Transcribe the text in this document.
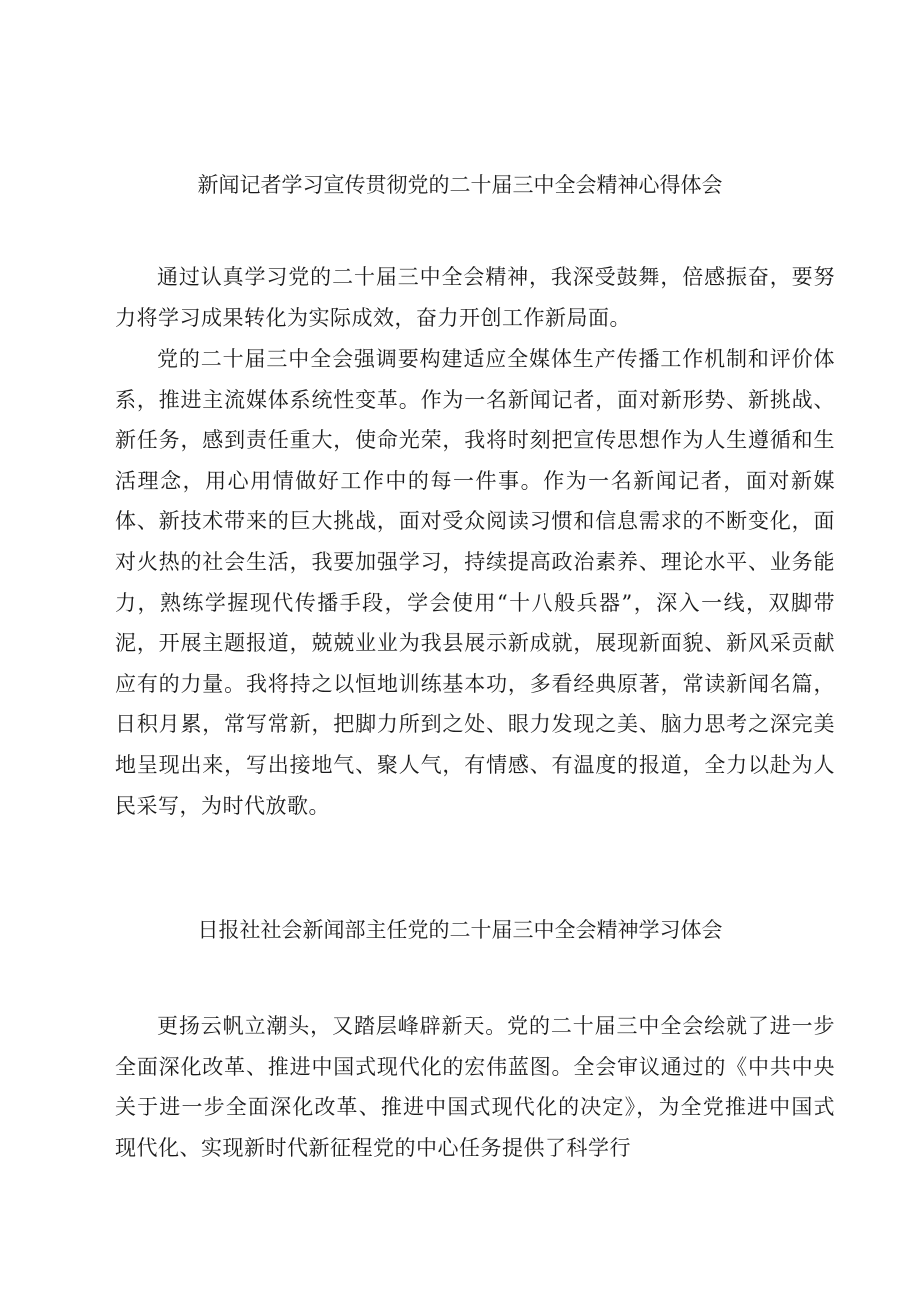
新闻记者学习宣传贯彻党的二十届三中全会精神心得体会

通过认真学习党的二十届三中全会精神，我深受鼓舞，倍感振奋，要努力将学习成果转化为实际成效，奋力开创工作新局面。

党的二十届三中全会强调要构建适应全媒体生产传播工作机制和评价体系，推进主流媒体系统性变革。作为一名新闻记者，面对新形势、新挑战、新任务，感到责任重大，使命光荣，我将时刻把宣传思想作为人生遵循和生活理念，用心用情做好工作中的每一件事。作为一名新闻记者，面对新媒体、新技术带来的巨大挑战，面对受众阅读习惯和信息需求的不断变化，面对火热的社会生活，我要加强学习，持续提高政治素养、理论水平、业务能力，熟练学握现代传播手段，学会使用“十八般兵器”，深入一线，双脚带泥，开展主题报道，兢兢业业为我县展示新成就，展现新面貌、新风采贡献应有的力量。我将持之以恒地训练基本功，多看经典原著，常读新闻名篇，日积月累，常写常新，把脚力所到之处、眼力发现之美、脑力思考之深完美地呈现出来，写出接地气、聚人气，有情感、有温度的报道，全力以赴为人民采写，为时代放歌。

日报社社会新闻部主任党的二十届三中全会精神学习体会

更扬云帆立潮头，又踏层峰辟新天。党的二十届三中全会绘就了进一步全面深化改革、推进中国式现代化的宏伟蓝图。全会审议通过的《中共中央关于进一步全面深化改革、推进中国式现代化的决定》，为全党推进中国式现代化、实现新时代新征程党的中心任务提供了科学行
